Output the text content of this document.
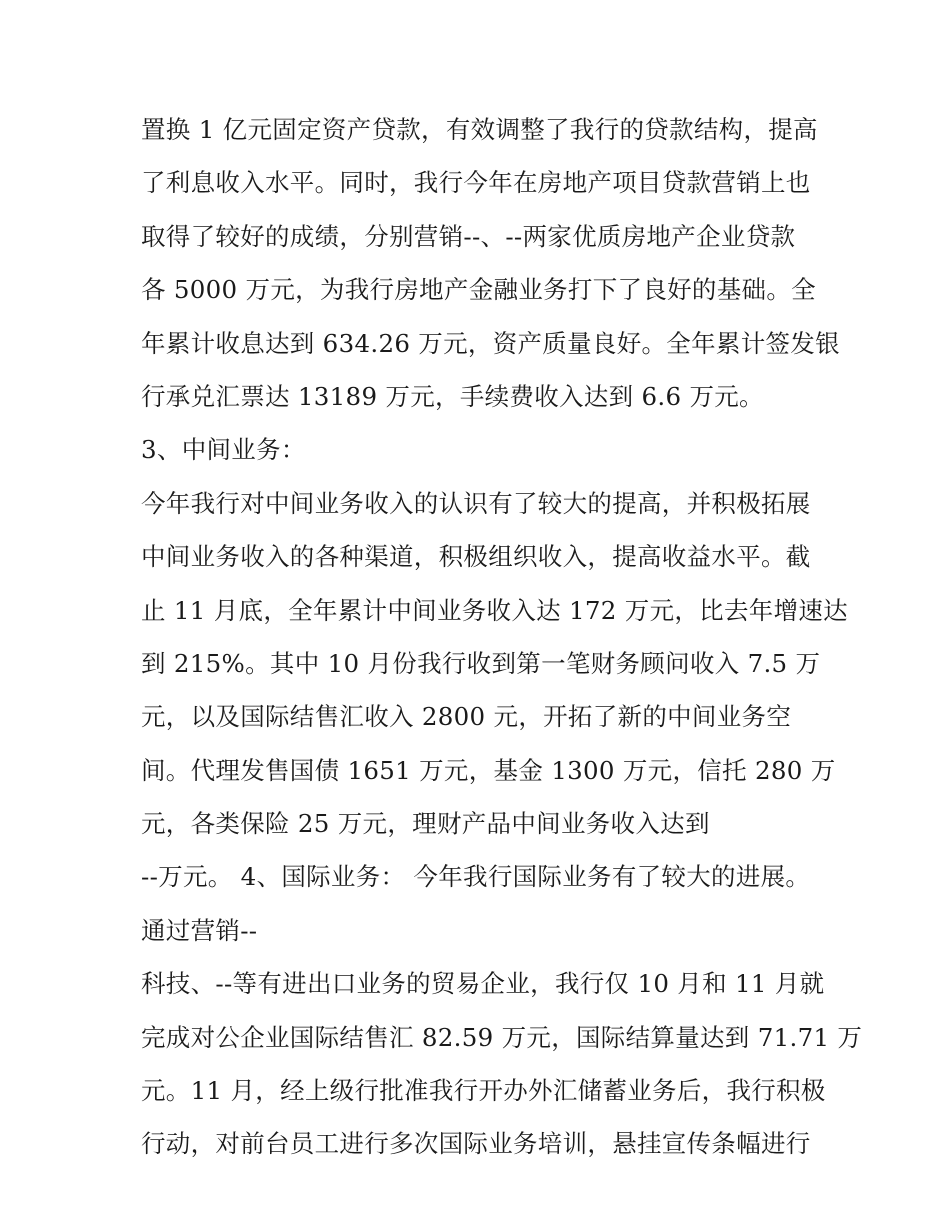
置换 1 亿元固定资产贷款，有效调整了我行的贷款结构，提高
了利息收入水平。同时，我行今年在房地产项目贷款营销上也
取得了较好的成绩，分别营销--、--两家优质房地产企业贷款
各 5000 万元，为我行房地产金融业务打下了良好的基础。全
年累计收息达到 634.26 万元，资产质量良好。全年累计签发银
行承兑汇票达 13189 万元，手续费收入达到 6.6 万元。
3、中间业务：
今年我行对中间业务收入的认识有了较大的提高，并积极拓展
中间业务收入的各种渠道，积极组织收入，提高收益水平。截
止 11 月底，全年累计中间业务收入达 172 万元，比去年增速达
到 215%。其中 10 月份我行收到第一笔财务顾问收入 7.5 万
元，以及国际结售汇收入 2800 元，开拓了新的中间业务空
间。代理发售国债 1651 万元，基金 1300 万元，信托 280 万
元，各类保险 25 万元，理财产品中间业务收入达到
--万元。 4、国际业务： 今年我行国际业务有了较大的进展。
通过营销--
科技、--等有进出口业务的贸易企业，我行仅 10 月和 11 月就
完成对公企业国际结售汇 82.59 万元，国际结算量达到 71.71 万
元。11 月，经上级行批准我行开办外汇储蓄业务后，我行积极
行动，对前台员工进行多次国际业务培训，悬挂宣传条幅进行
